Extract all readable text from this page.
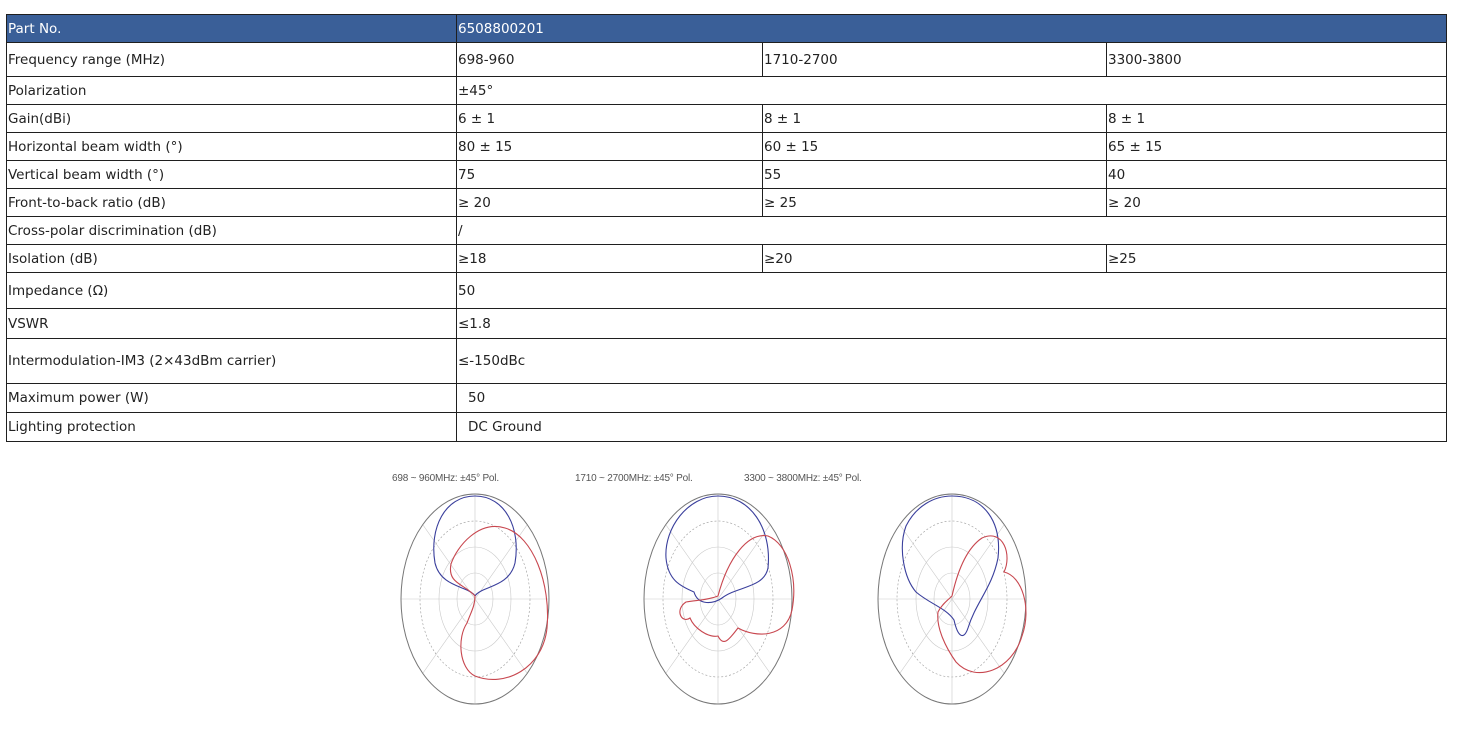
Part No.	6508800201		
Frequency range (MHz)	698-960	1710-2700	3300-3800
Polarization	±45°		
Gain(dBi)	6 ± 1	8 ± 1	8 ± 1
Horizontal beam width (°)	80 ± 15	60 ± 15	65 ± 15
Vertical beam width (°)	75	55	40
Front-to-back ratio (dB)	≥ 20	≥ 25	≥ 20
Cross-polar discrimination (dB)	/		
Isolation (dB)	≥18	≥20	≥25
Impedance (Ω)	50		
VSWR	≤1.8		
Intermodulation-IM3 (2×43dBm carrier)	≤-150dBc		
Maximum power (W)	50		
Lighting protection	DC Ground		
698 ~ 960MHz: ±45° Pol.	1710 ~ 2700MHz: ±45° Pol.	3300 ~ 3800MHz: ±45° Pol.
